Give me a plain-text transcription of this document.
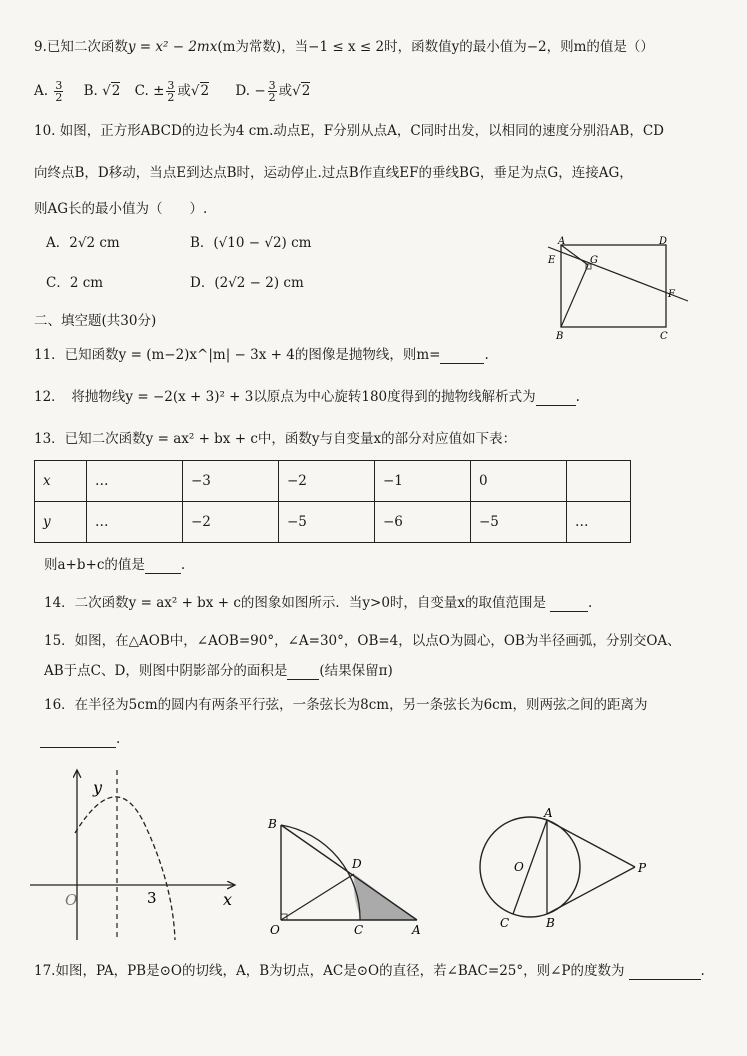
9.已知二次函数y = x² − 2mx(m为常数)，当−1 ≤ x ≤ 2时，函数值y的最小值为−2，则m的值是（）
A. $\frac{3}{2} B$. √2 C. ± $\frac{3}{2}$ 或√2 D. − $\frac{3}{2}$ 或√2
10. 如图，正方形ABCD的边长为4 cm.动点E，F分别从点A，C同时出发，以相同的速度分别沿AB，CD
向终点B，D移动，当点E到达点B时，运动停止.过点B作直线EF的垂线BG，垂足为点G，连接AG，
则AG长的最小值为（　　）.
A．2√2 cm	B．(√10 − √2) cm
C．2 cm	D．(2√2 − 2) cm
A	D
E	G
F
B	C
二、填空题(共30分)
11．已知函数y = (m−2)x^|m| − 3x + 4的图像是抛物线，则m=	.
12．　将抛物线y = −2(x + 3)² + 3以原点为中心旋转180度得到的抛物线解析式为	.
13．已知二次函数y = ax² + bx + c中，函数y与自变量x的部分对应值如下表：
x	…	−3	−2	−1	0	
y	…	−2	−5	−6	−5	…
则a+b+c的值是	.
14．二次函数y = ax² + bx + c的图象如图所示．当y>0时，自变量x的取值范围是	.
15．如图，在△AOB中，∠AOB=90°，∠A=30°，OB=4，以点O为圆心，OB为半径画弧，分别交OA、
AB于点C、D，则图中阴影部分的面积是 (结果保留π)
16．在半径为5cm的圆内有两条平行弦，一条弦长为8cm，另一条弦长为6cm，则两弦之间的距离为
.
y
x
O	3
B
D
O	C	A
A
O	P
C	B
17.如图，PA，PB是⊙O的切线，A，B为切点，AC是⊙O的直径，若∠BAC=25°，则∠P的度数为	.
